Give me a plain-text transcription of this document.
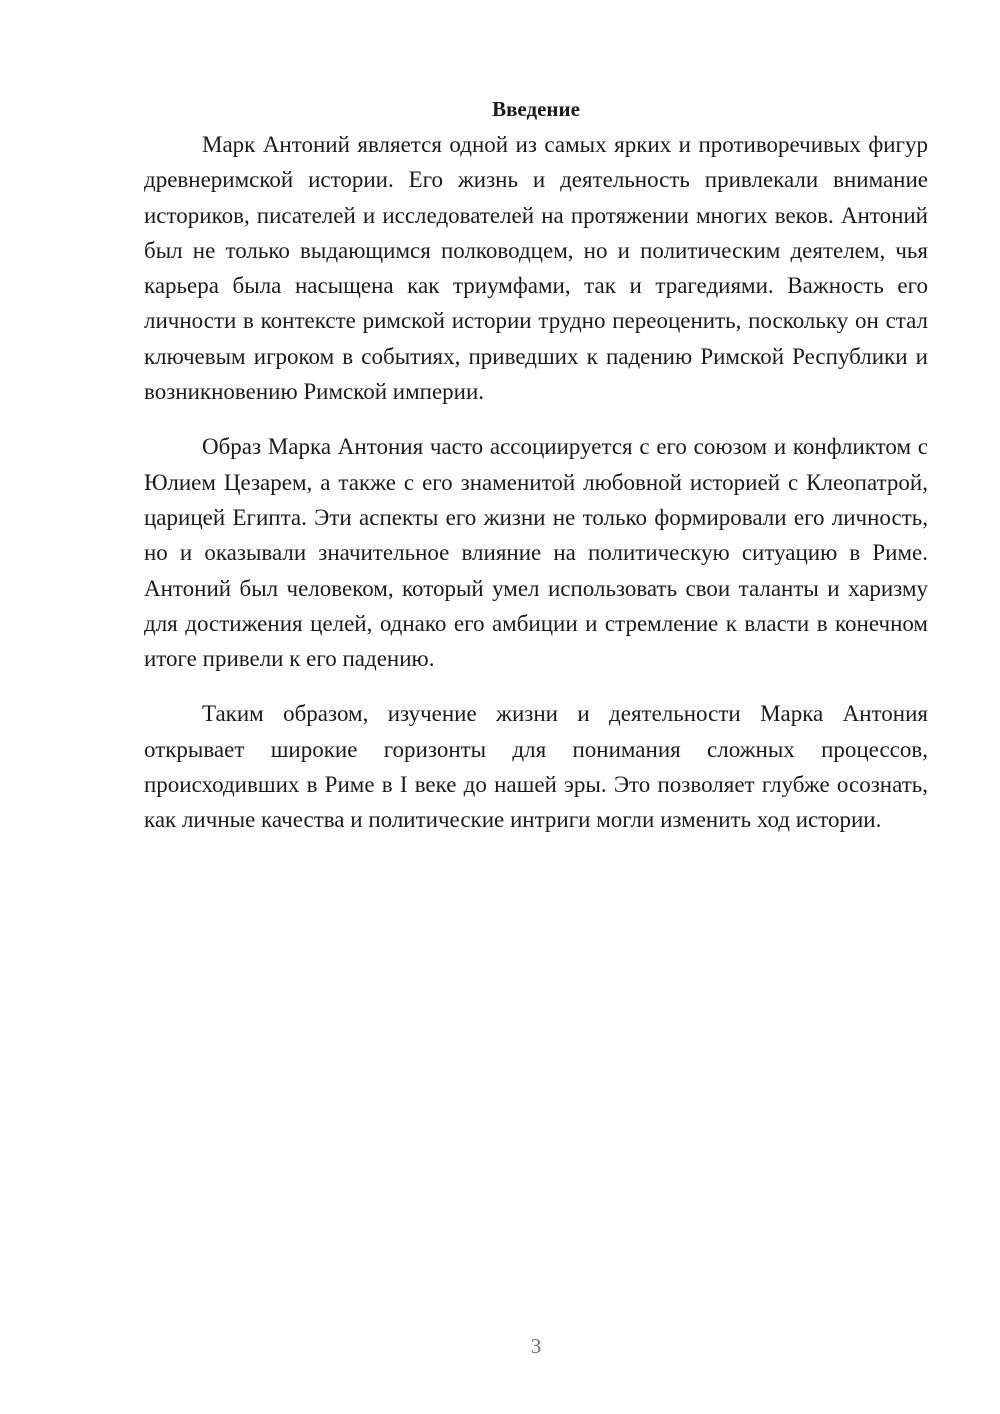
Введение

Марк Антоний является одной из самых ярких и противоречивых фигур древнеримской истории. Его жизнь и деятельность привлекали внимание историков, писателей и исследователей на протяжении многих веков. Антоний был не только выдающимся полководцем, но и политическим деятелем, чья карьера была насыщена как триумфами, так и трагедиями. Важность его личности в контексте римской истории трудно переоценить, поскольку он стал ключевым игроком в событиях, приведших к падению Римской Республики и возникновению Римской империи.

Образ Марка Антония часто ассоциируется с его союзом и конфликтом с Юлием Цезарем, а также с его знаменитой любовной историей с Клеопатрой, царицей Египта. Эти аспекты его жизни не только формировали его личность, но и оказывали значительное влияние на политическую ситуацию в Риме. Антоний был человеком, который умел использовать свои таланты и харизму для достижения целей, однако его амбиции и стремление к власти в конечном итоге привели к его падению.

Таким образом, изучение жизни и деятельности Марка Антония открывает широкие горизонты для понимания сложных процессов, происходивших в Риме в I веке до нашей эры. Это позволяет глубже осознать, как личные качества и политические интриги могли изменить ход истории.

3
